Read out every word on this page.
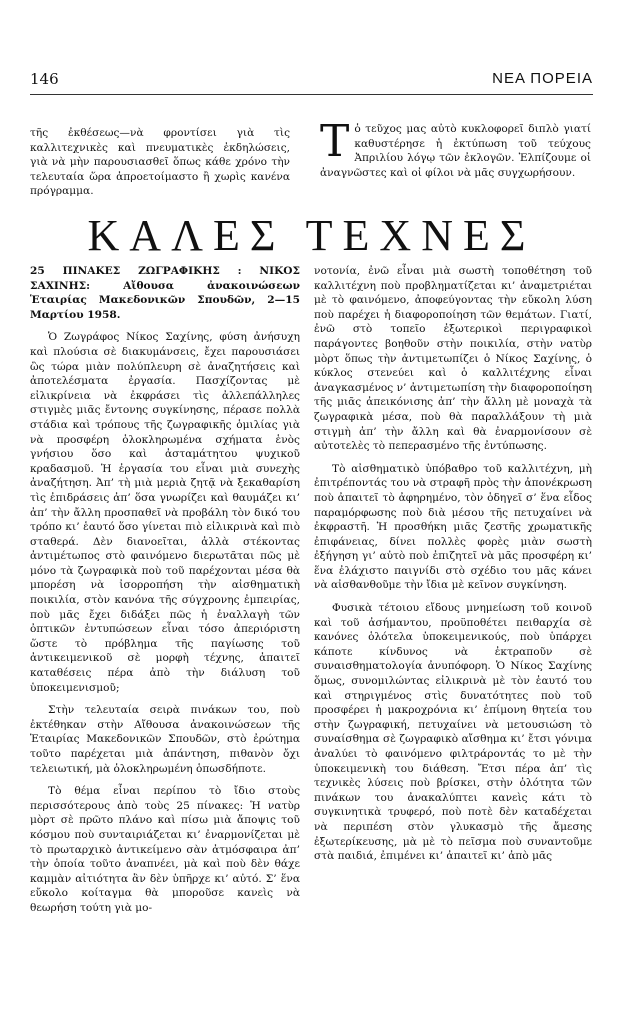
146	ΝΕΑ ΠΟΡΕΙΑ

τῆς ἐκθέσεως—νὰ φροντίσει γιὰ τὶς καλλιτεχνικὲς καὶ πνευματικὲς ἐκδηλώσεις, γιὰ νὰ μὴν παρουσιασθεῖ ὅπως κάθε χρόνο τὴν τελευταία ὥρα ἀπροετοίμαστο ἢ χωρὶς κανένα πρόγραμμα.

Τ ὁ τεῦχος μας αὐτὸ κυκλοφορεῖ διπλὸ γιατί καθυστέρησε ἡ ἐκτύπωση τοῦ τεύχους Ἀπριλίου λόγῳ τῶν ἐκλογῶν. Ἐλπίζουμε οἱ ἀναγνῶστες καὶ οἱ φίλοι νὰ μᾶς συγχωρήσουν.

ΚΑΛΕΣ ΤΕΧΝΕΣ

25 ΠΙΝΑΚΕΣ ΖΩΓΡΑΦΙΚΗΣ : ΝΙΚΟΣ ΣΑΧΙΝΗΣ: Αἴθουσα ἀνακοινώσεων Ἑταιρίας Μακεδονικῶν Σπουδῶν, 2—15 Μαρτίου 1958.

Ὁ Ζωγράφος Νίκος Σαχίνης, φύση ἀνήσυχη καὶ πλούσια σὲ διακυμάνσεις, ἔχει παρουσιάσει ὣς τώρα μιὰν πολύπλευρη σὲ ἀναζητήσεις καὶ ἀποτελέσματα ἐργασία. Πασχίζοντας μὲ εἰλικρίνεια νὰ ἐκφράσει τὶς ἀλλεπάλληλες στιγμὲς μιᾶς ἔντονης συγκίνησης, πέρασε πολλὰ στάδια καὶ τρόπους τῆς ζωγραφικῆς ὁμιλίας γιὰ νὰ προσφέρη ὁλοκληρωμένα σχήματα ἑνὸς γνήσιου ὅσο καὶ ἀσταμάτητου ψυχικοῦ κραδασμοῦ. Ἡ ἐργασία του εἶναι μιὰ συνεχὴς ἀναζήτηση. Ἀπ’ τὴ μιὰ μεριὰ ζητᾷ νὰ ξεκαθαρίση τὶς ἐπιδράσεις ἀπ’ ὅσα γνωρίζει καὶ θαυμάζει κι’ ἀπ’ τὴν ἄλλη προσπαθεῖ νὰ προβάλη τὸν δικό του τρόπο κι’ ἑαυτό ὅσο γίνεται πιὸ εἰλικρινὰ καὶ πιὸ σταθερά. Δὲν διανοεῖται, ἀλλὰ στέκοντας ἀντιμέτωπος στὸ φαινόμενο διερωτᾶται πῶς μὲ μόνο τὰ ζωγραφικὰ ποὺ τοῦ παρέχονται μέσα θὰ μπορέση νὰ ἰσορροπήση τὴν αἰσθηματικὴ ποικιλία, στὸν κανόνα τῆς σύγχρονης ἐμπειρίας, ποὺ μᾶς ἔχει διδάξει πῶς ἡ ἐναλλαγὴ τῶν ὀπτικῶν ἐντυπώσεων εἶναι τόσο ἀπεριόριστη ὥστε τὸ πρόβλημα τῆς παγίωσης τοῦ ἀντικειμενικοῦ σὲ μορφὴ τέχνης, ἀπαιτεῖ καταθέσεις πέρα ἀπὸ τὴν διάλυση τοῦ ὑποκειμενισμοῦ;

Στὴν τελευταία σειρὰ πινάκων του, ποὺ ἐκτέθηκαν στὴν Αἴθουσα ἀνακοινώσεων τῆς Ἑταιρίας Μακεδονικῶν Σπουδῶν, στὸ ἐρώτημα τοῦτο παρέχεται μιὰ ἀπάντηση, πιθανὸν ὄχι τελειωτική, μὰ ὁλοκληρωμένη ὁπωσδήποτε.

Τὸ θέμα εἶναι περίπου τὸ ἴδιο στοὺς περισσότερους ἀπὸ τοὺς 25 πίνακες: Ἡ νατὺρ μὸρτ σὲ πρῶτο πλάνο καὶ πίσω μιὰ ἄποψις τοῦ κόσμου ποὺ συνταιριάζεται κι’ ἐναρμονίζεται μὲ τὸ πρωταρχικὸ ἀντικείμενο σὰν ἀτμόσφαιρα ἀπ’ τὴν ὁποία τοῦτο ἀναπνέει, μὰ καὶ ποὺ δὲν θάχε καμμὰν αἰτιότητα ἂν δὲν ὑπῆρχε κι’ αὐτό. Σ’ ἕνα εὔκολο κοίταγμα θὰ μποροῦσε κανεὶς νὰ θεωρήση τούτη γιὰ μο-

νοτονία, ἐνῶ εἶναι μιὰ σωστὴ τοποθέτηση τοῦ καλλιτέχνη ποὺ προβληματίζεται κι’ ἀναμετριέται μὲ τὸ φαινόμενο, ἀποφεύγοντας τὴν εὔκολη λύση ποὺ παρέχει ἡ διαφοροποίηση τῶν θεμάτων. Γιατί, ἐνῶ στὸ τοπεῖο ἐξωτερικοὶ περιγραφικοὶ παράγοντες βοηθοῦν στὴν ποικιλία, στὴν νατὺρ μὸρτ ὅπως τὴν ἀντιμετωπίζει ὁ Νίκος Σαχίνης, ὁ κύκλος στενεύει καὶ ὁ καλλιτέχνης εἶναι ἀναγκασμένος ν’ ἀντιμετωπίση τὴν διαφοροποίηση τῆς μιᾶς ἀπεικόνισης ἀπ’ τὴν ἄλλη μὲ μοναχὰ τὰ ζωγραφικὰ μέσα, ποὺ θὰ παραλλάξουν τὴ μιὰ στιγμὴ ἀπ’ τὴν ἄλλη καὶ θὰ ἐναρμονίσουν σὲ αὐτοτελὲς τὸ πεπερασμένο τῆς ἐντύπωσης.

Τὸ αἰσθηματικὸ ὑπόβαθρο τοῦ καλλιτέχνη, μὴ ἐπιτρέποντάς του νὰ στραφῆ πρὸς τὴν ἀπονέκρωση ποὺ ἀπαιτεῖ τὸ ἀφηρημένο, τὸν ὁδηγεῖ σ’ ἕνα εἶδος παραμόρφωσης ποὺ διὰ μέσου τῆς πετυχαίνει νὰ ἐκφραστῆ. Ἡ προσθήκη μιᾶς ζεστῆς χρωματικῆς ἐπιφάνειας, δίνει πολλὲς φορὲς μιὰν σωστὴ ἐξήγηση γι’ αὐτὸ ποὺ ἐπιζητεῖ νὰ μᾶς προσφέρη κι’ ἕνα ἐλάχιστο παιγνίδι στὸ σχέδιο του μᾶς κάνει νὰ αἰσθανθοῦμε τὴν ἴδια μὲ κεῖνον συγκίνηση.

Φυσικὰ τέτοιου εἴδους μνημείωση τοῦ κοινοῦ καὶ τοῦ ἀσήμαντου, προϋποθέτει πειθαρχία σὲ κανόνες ὁλότελα ὑποκειμενικούς, ποὺ ὑπάρχει κάποτε κίνδυνος νὰ ἐκτραποῦν σὲ συναισθηματολογία ἀνυπόφορη. Ὁ Νίκος Σαχίνης ὅμως, συνομιλώντας εἰλικρινὰ μὲ τὸν ἑαυτό του καὶ στηριγμένος στὶς δυνατότητες ποὺ τοῦ προσφέρει ἡ μακροχρόνια κι’ ἐπίμονη θητεία του στὴν ζωγραφική, πετυχαίνει νὰ μετουσιώση τὸ συναίσθημα σὲ ζωγραφικὸ αἴσθημα κι’ ἔτσι γόνιμα ἀναλύει τὸ φαινόμενο φιλτράροντάς το μὲ τὴν ὑποκειμενικὴ του διάθεση. Ἔτσι πέρα ἀπ’ τὶς τεχνικὲς λύσεις ποὺ βρίσκει, στὴν ὁλότητα τῶν πινάκων του ἀνακαλύπτει κανεὶς κάτι τὸ συγκινητικὰ τρυφερό, ποὺ ποτὲ δὲν καταδέχεται νὰ περιπέση στὸν γλυκασμὸ τῆς ἄμεσης ἐξωτερίκευσης, μὰ μὲ τὸ πεῖσμα ποὺ συναντοῦμε στὰ παιδιά, ἐπιμένει κι’ ἀπαιτεῖ κι’ ἀπὸ μᾶς
